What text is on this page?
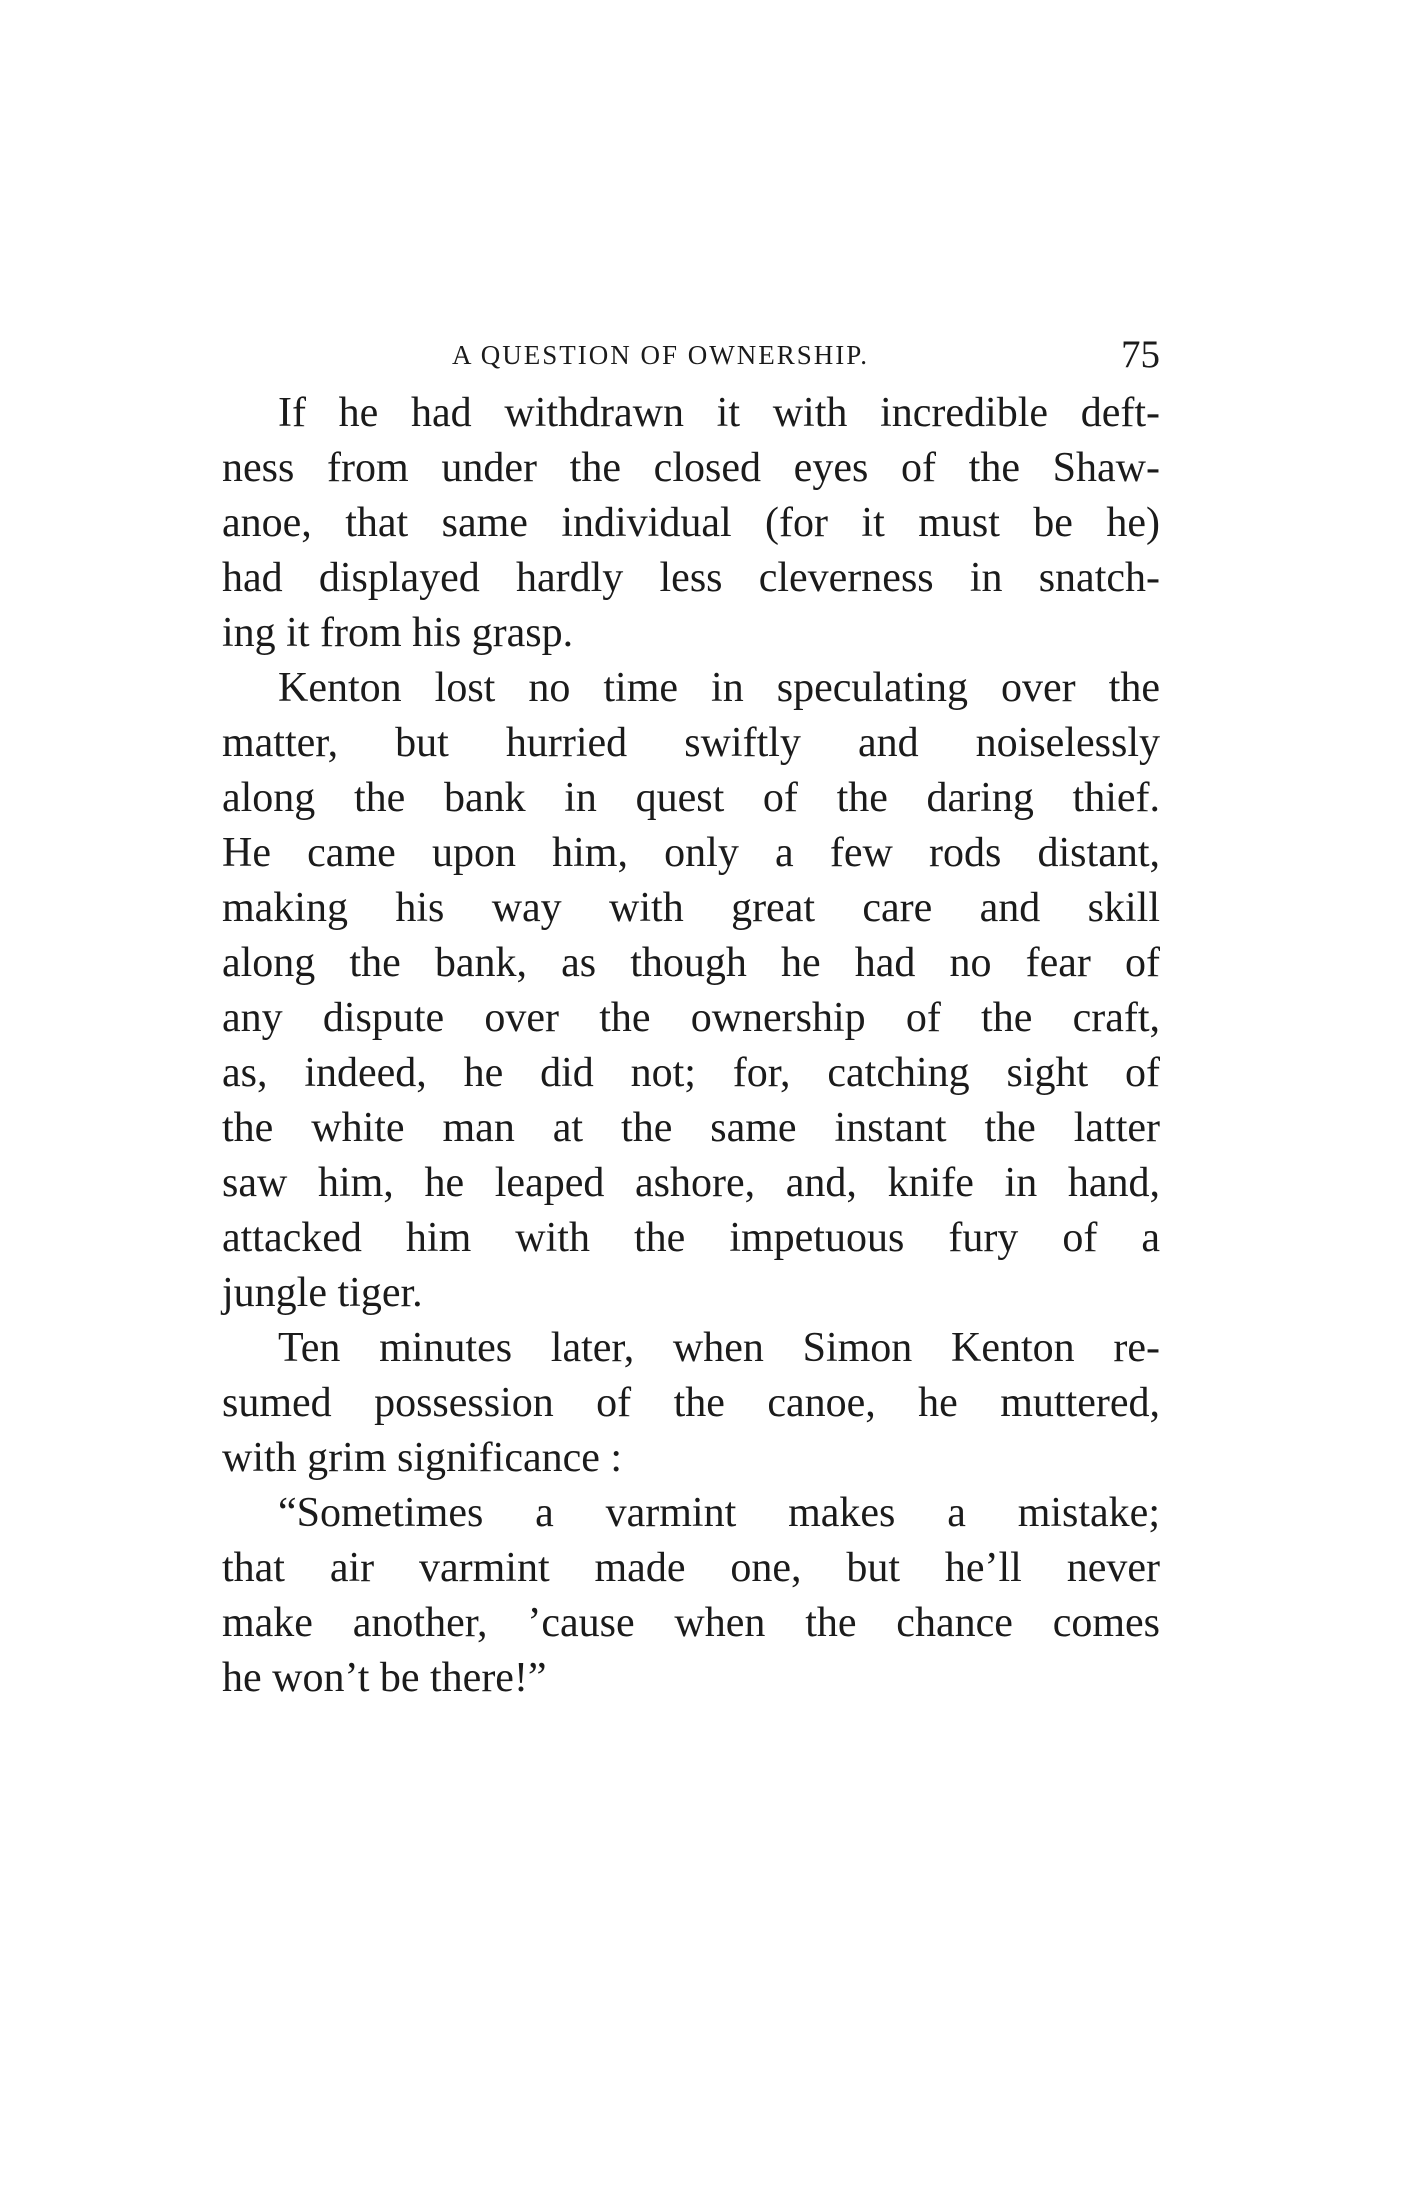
A QUESTION OF OWNERSHIP.	75
If he had withdrawn it with incredible deft-
ness from under the closed eyes of the Shaw-
anoe, that same individual (for it must be he)
had displayed hardly less cleverness in snatch-
ing it from his grasp.
Kenton lost no time in speculating over the
matter, but hurried swiftly and noiselessly
along the bank in quest of the daring thief.
He came upon him, only a few rods distant,
making his way with great care and skill
along the bank, as though he had no fear of
any dispute over the ownership of the craft,
as, indeed, he did not; for, catching sight of
the white man at the same instant the latter
saw him, he leaped ashore, and, knife in hand,
attacked him with the impetuous fury of a
jungle tiger.
Ten minutes later, when Simon Kenton re-
sumed possession of the canoe, he muttered,
with grim significance :
“Sometimes a varmint makes a mistake;
that air varmint made one, but he’ll never
make another, ’cause when the chance comes
he won’t be there!”
